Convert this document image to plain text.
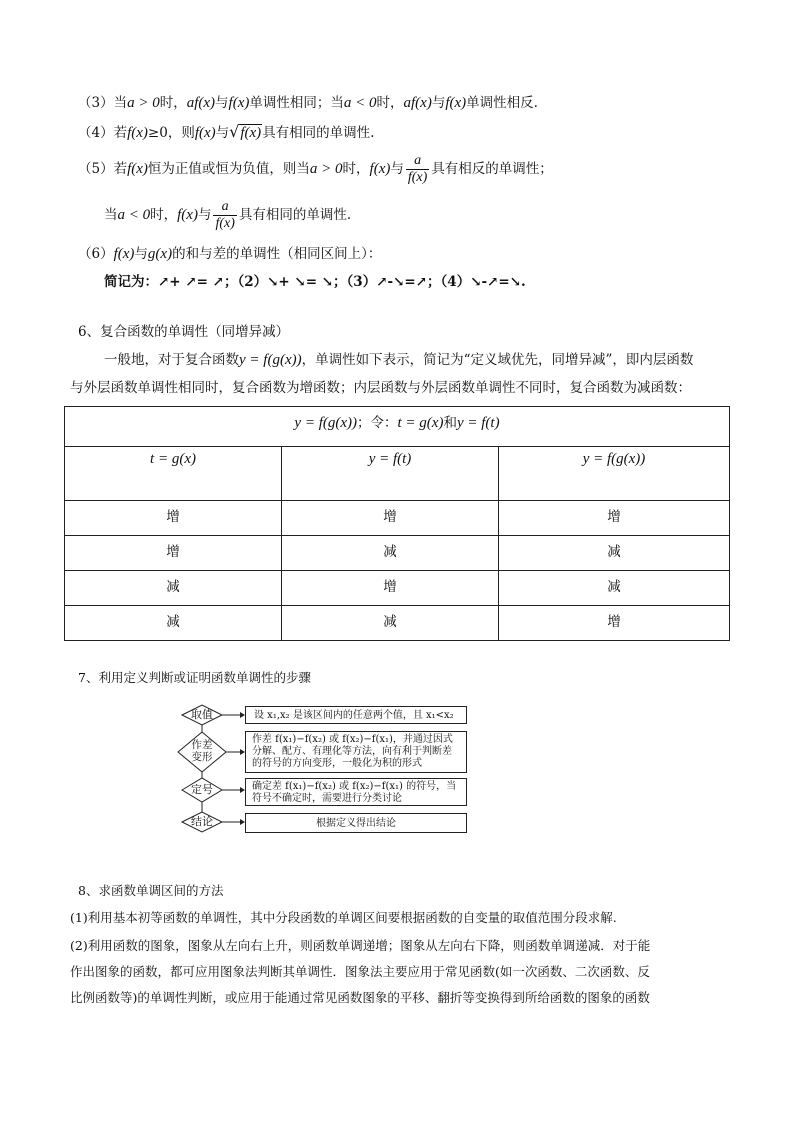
（3）当a > 0时，af(x)与f(x)单调性相同；当a < 0时，af(x)与f(x)单调性相反.
（4）若f(x)≥0，则f(x)与√f(x)具有相同的单调性.
（5）若f(x)恒为正值或恒为负值，则当a > 0时，f(x)与 $\frac{a}{f(x)}$ 具有相反的单调性；
当a < 0时，f(x)与 $\frac{a}{f(x)}$ 具有相同的单调性.
（6）f(x)与g(x)的和与差的单调性（相同区间上）：
简记为：↗+ ↗= ↗；（2）↘+ ↘= ↘；（3）↗-↘=↗；（4）↘-↗=↘.
6、复合函数的单调性（同增异减）
一般地，对于复合函数y = f(g(x))，单调性如下表示，简记为“定义域优先，同增异减”，即内层函数
与外层函数单调性相同时，复合函数为增函数；内层函数与外层函数单调性不同时，复合函数为减函数：
y = f(g(x))；令：t = g(x)和y = f(t)		
t = g(x)	y = f(t)	y = f(g(x))
增	增	增
增	减	减
减	增	减
减	减	增
7、利用定义判断或证明函数单调性的步骤
取值
作差变形
定号
结论
设 x₁,x₂ 是该区间内的任意两个值，且 x₁<x₂
作差 f(x₁)−f(x₂) 或 f(x₂)−f(x₁)，并通过因式分解、配方、有理化等方法，向有利于判断差的符号的方向变形，一般化为积的形式
确定差 f(x₁)−f(x₂) 或 f(x₂)−f(x₁) 的符号，当符号不确定时，需要进行分类讨论
根据定义得出结论
8、求函数单调区间的方法
(1)利用基本初等函数的单调性，其中分段函数的单调区间要根据函数的自变量的取值范围分段求解.
(2)利用函数的图象，图象从左向右上升，则函数单调递增；图象从左向右下降，则函数单调递减．对于能
作出图象的函数，都可应用图象法判断其单调性．图象法主要应用于常见函数(如一次函数、二次函数、反
比例函数等)的单调性判断，或应用于能通过常见函数图象的平移、翻折等变换得到所给函数的图象的函数
